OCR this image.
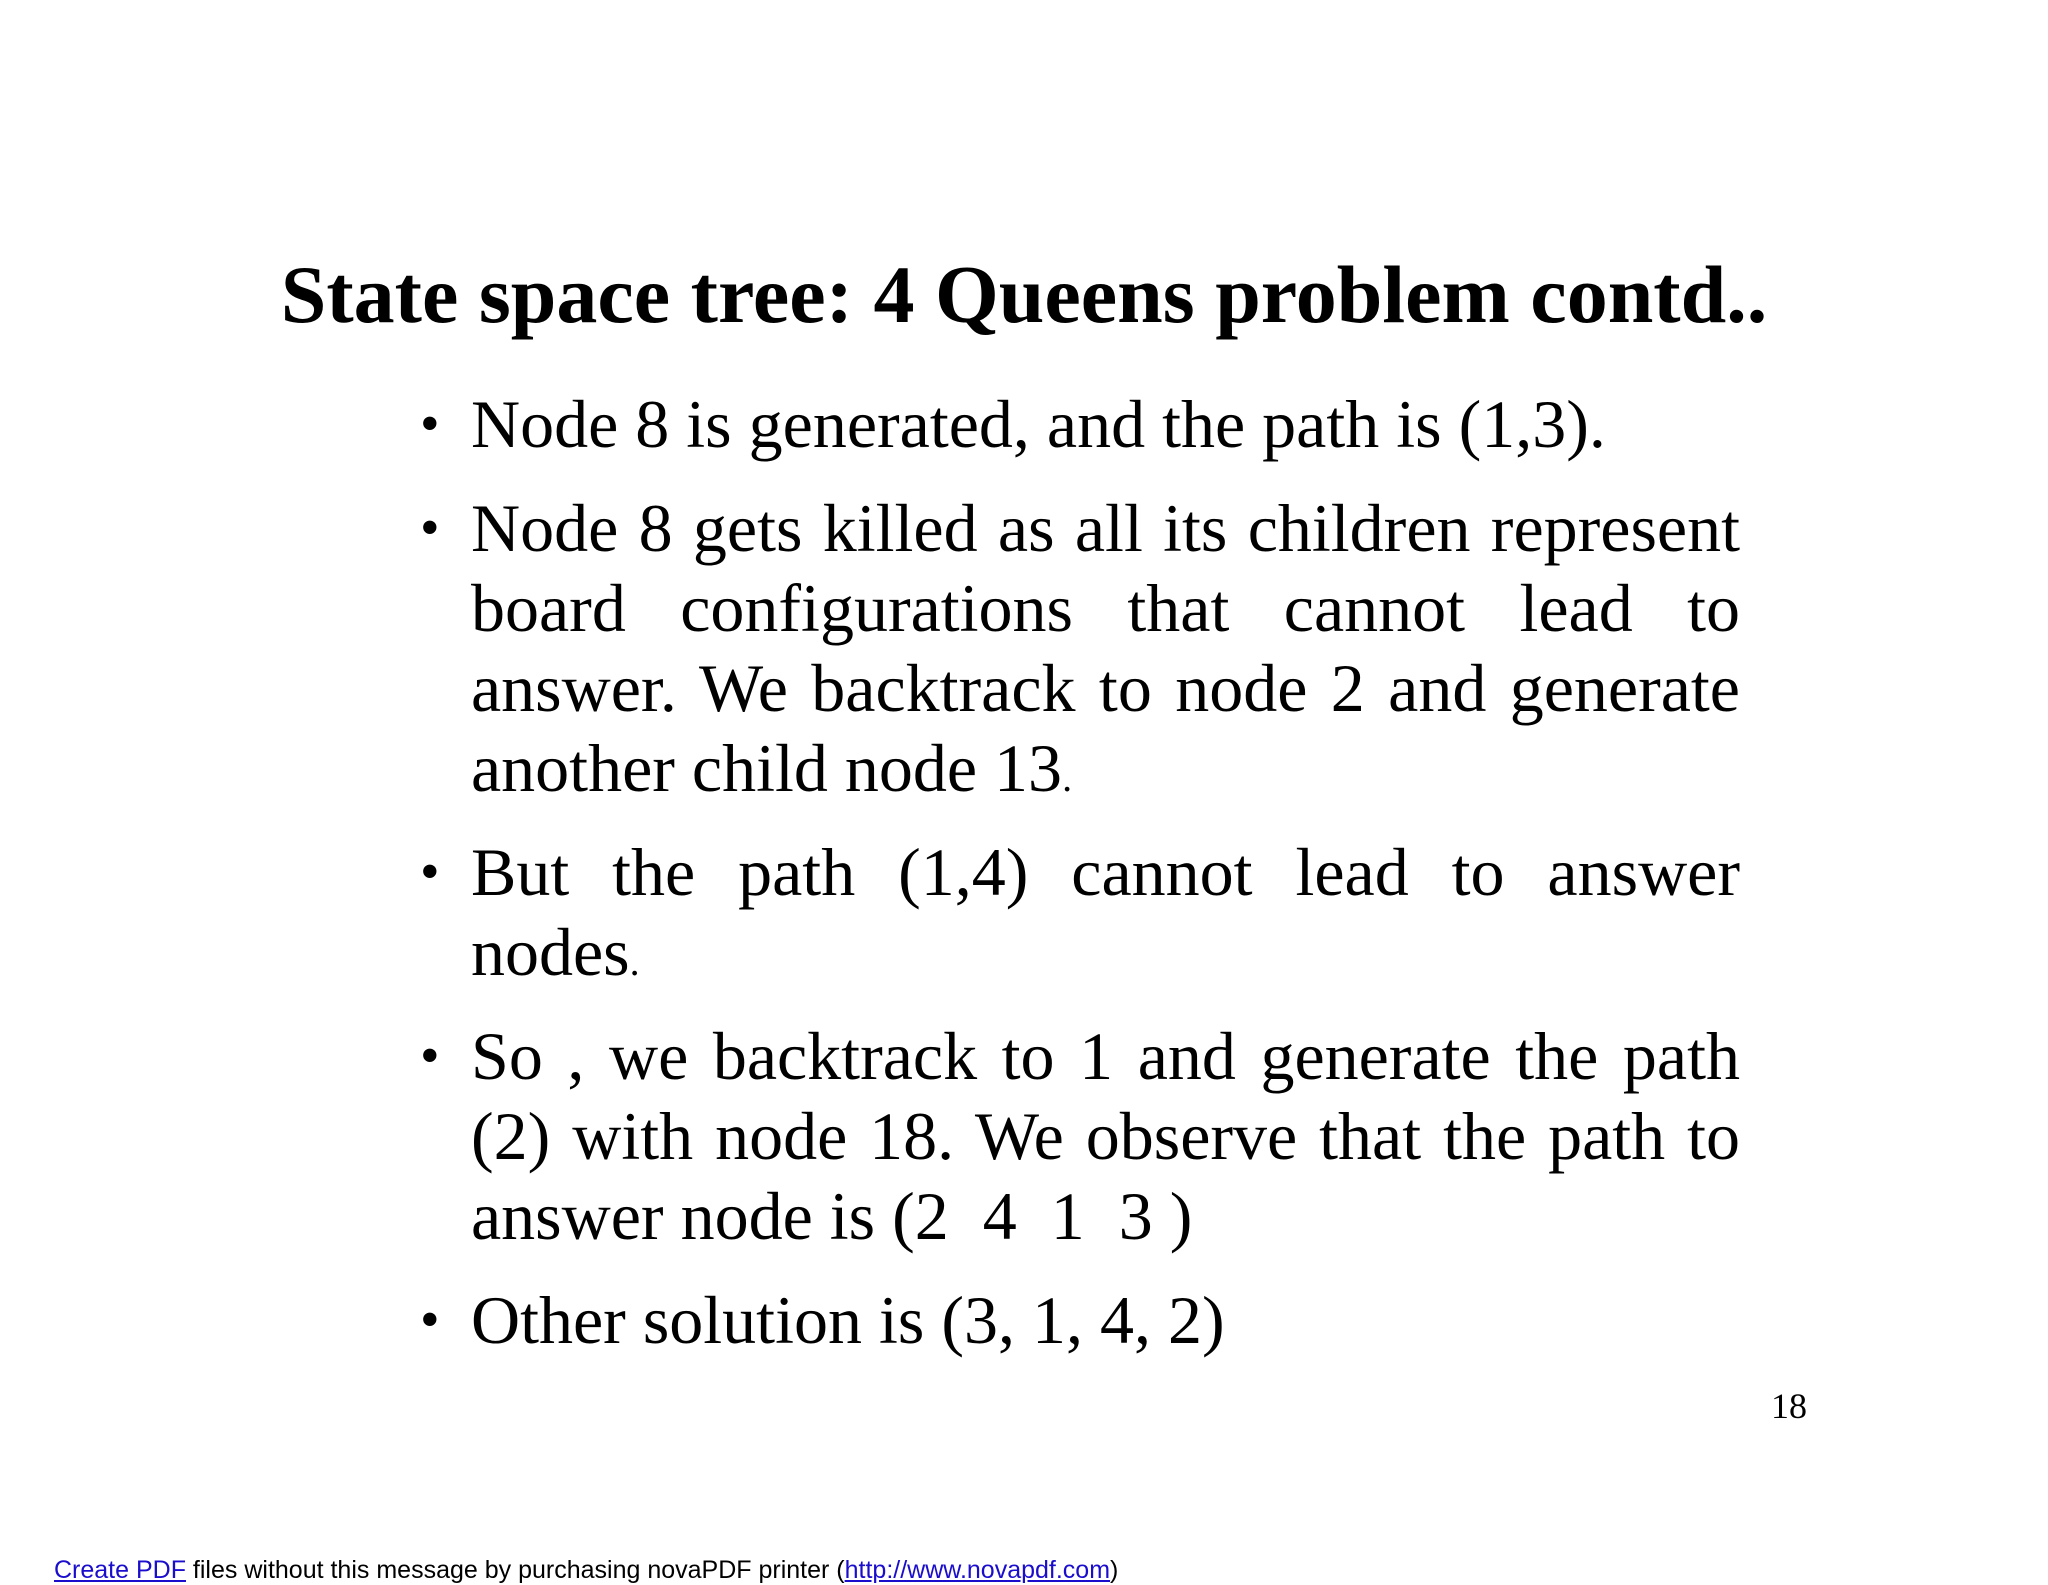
State space tree: 4 Queens problem contd..
• Node 8 is generated, and the path is (1,3).
• Node 8 gets killed as all its children represent board configurations that cannot lead to answer. We backtrack to node 2 and generate another child node 13.
• But the path (1,4) cannot lead to answer nodes.
• So , we backtrack to 1 and generate the path (2) with node 18. We observe that the path to answer node is (2  4  1  3 )
• Other solution is (3, 1, 4, 2)
18
Create PDF files without this message by purchasing novaPDF printer (http://www.novapdf.com)
